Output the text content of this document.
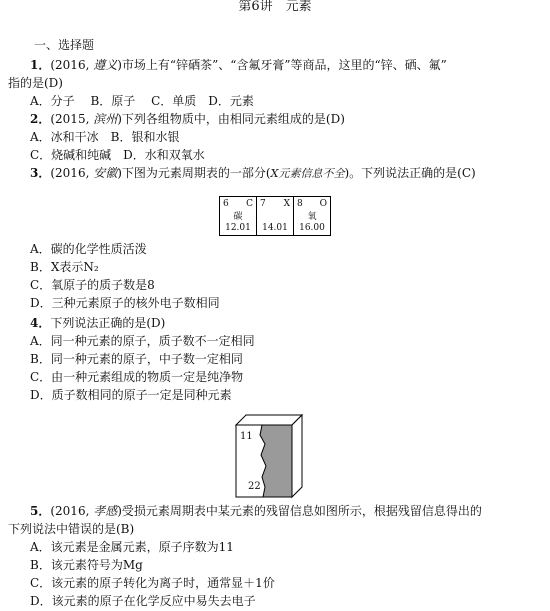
第6讲　元素
一、选择题
1．(2016, 遵义)市场上有“锌硒茶”、“含氟牙膏”等商品，这里的“锌、硒、氟”
指的是(D)
A．分子　 B．原子　 C．单质　D．元素
2．(2015, 滨州)下列各组物质中，由相同元素组成的是(D)
A．冰和干冰　B．银和水银
C．烧碱和纯碱　D．水和双氧水
3．(2016, 安徽)下图为元素周期表的一部分(X元素信息不全)。下列说法正确的是(C)
6 C
碳
12.01
7 X
14.01
8 O
氧
16.00
A．碳的化学性质活泼
B．X表示N₂
C．氧原子的质子数是8
D．三种元素原子的核外电子数相同
4．下列说法正确的是(D)
A．同一种元素的原子，质子数不一定相同
B．同一种元素的原子，中子数一定相同
C．由一种元素组成的物质一定是纯净物
D．质子数相同的原子一定是同种元素
11
22
5．(2016, 孝感)受损元素周期表中某元素的残留信息如图所示，根据残留信息得出的
下列说法中错误的是(B)
A．该元素是金属元素，原子序数为11
B．该元素符号为Mg
C．该元素的原子转化为离子时，通常显＋1价
D．该元素的原子在化学反应中易失去电子
